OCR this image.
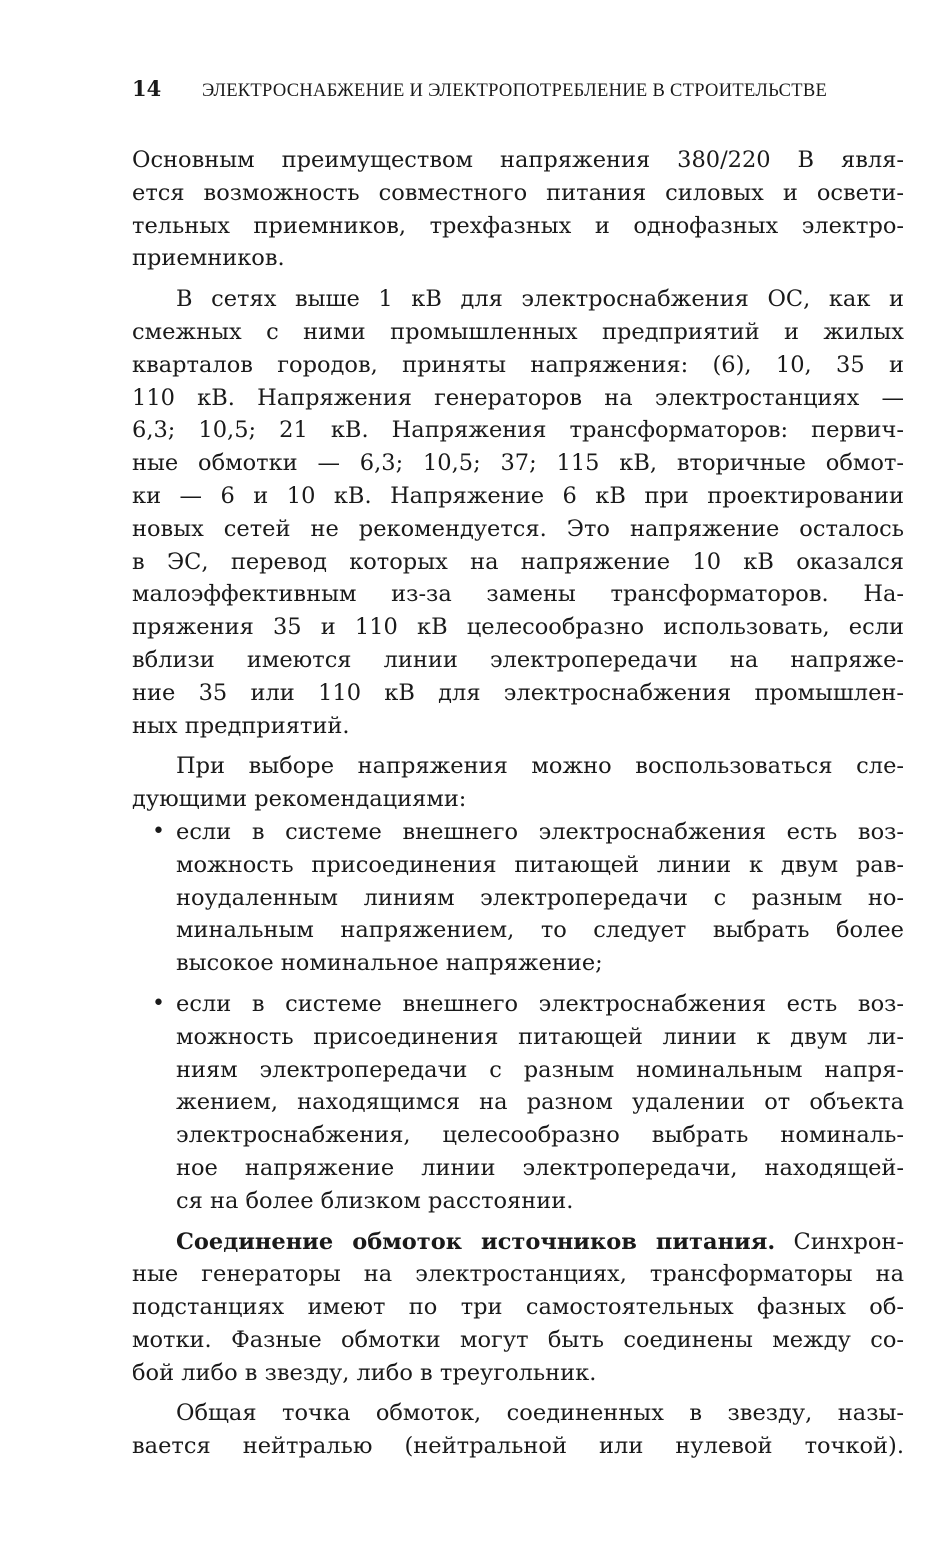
14	ЭЛЕКТРОСНАБЖЕНИЕ И ЭЛЕКТРОПОТРЕБЛЕНИЕ В СТРОИТЕЛЬСТВЕ
Основным преимуществом напряжения 380/220 В явля-
ется возможность совместного питания силовых и освети-
тельных приемников, трехфазных и однофазных электро-
приемников.
В сетях выше 1 кВ для электроснабжения ОС, как и
смежных с ними промышленных предприятий и жилых
кварталов городов, приняты напряжения: (6), 10, 35 и
110 кВ. Напряжения генераторов на электростанциях —
6,3; 10,5; 21 кВ. Напряжения трансформаторов: первич-
ные обмотки — 6,3; 10,5; 37; 115 кВ, вторичные обмот-
ки — 6 и 10 кВ. Напряжение 6 кВ при проектировании
новых сетей не рекомендуется. Это напряжение осталось
в ЭС, перевод которых на напряжение 10 кВ оказался
малоэффективным из-за замены трансформаторов. На-
пряжения 35 и 110 кВ целесообразно использовать, если
вблизи имеются линии электропередачи на напряже-
ние 35 или 110 кВ для электроснабжения промышлен-
ных предприятий.
При выборе напряжения можно воспользоваться сле-
дующими рекомендациями:
• если в системе внешнего электроснабжения есть воз-
можность присоединения питающей линии к двум рав-
ноудаленным линиям электропередачи с разным но-
минальным напряжением, то следует выбрать более
высокое номинальное напряжение;
• если в системе внешнего электроснабжения есть воз-
можность присоединения питающей линии к двум ли-
ниям электропередачи с разным номинальным напря-
жением, находящимся на разном удалении от объекта
электроснабжения, целесообразно выбрать номиналь-
ное напряжение линии электропередачи, находящей-
ся на более близком расстоянии.
Соединение обмоток источников питания. Синхрон-
ные генераторы на электростанциях, трансформаторы на
подстанциях имеют по три самостоятельных фазных об-
мотки. Фазные обмотки могут быть соединены между со-
бой либо в звезду, либо в треугольник.
Общая точка обмоток, соединенных в звезду, назы-
вается нейтралью (нейтральной или нулевой точкой).
